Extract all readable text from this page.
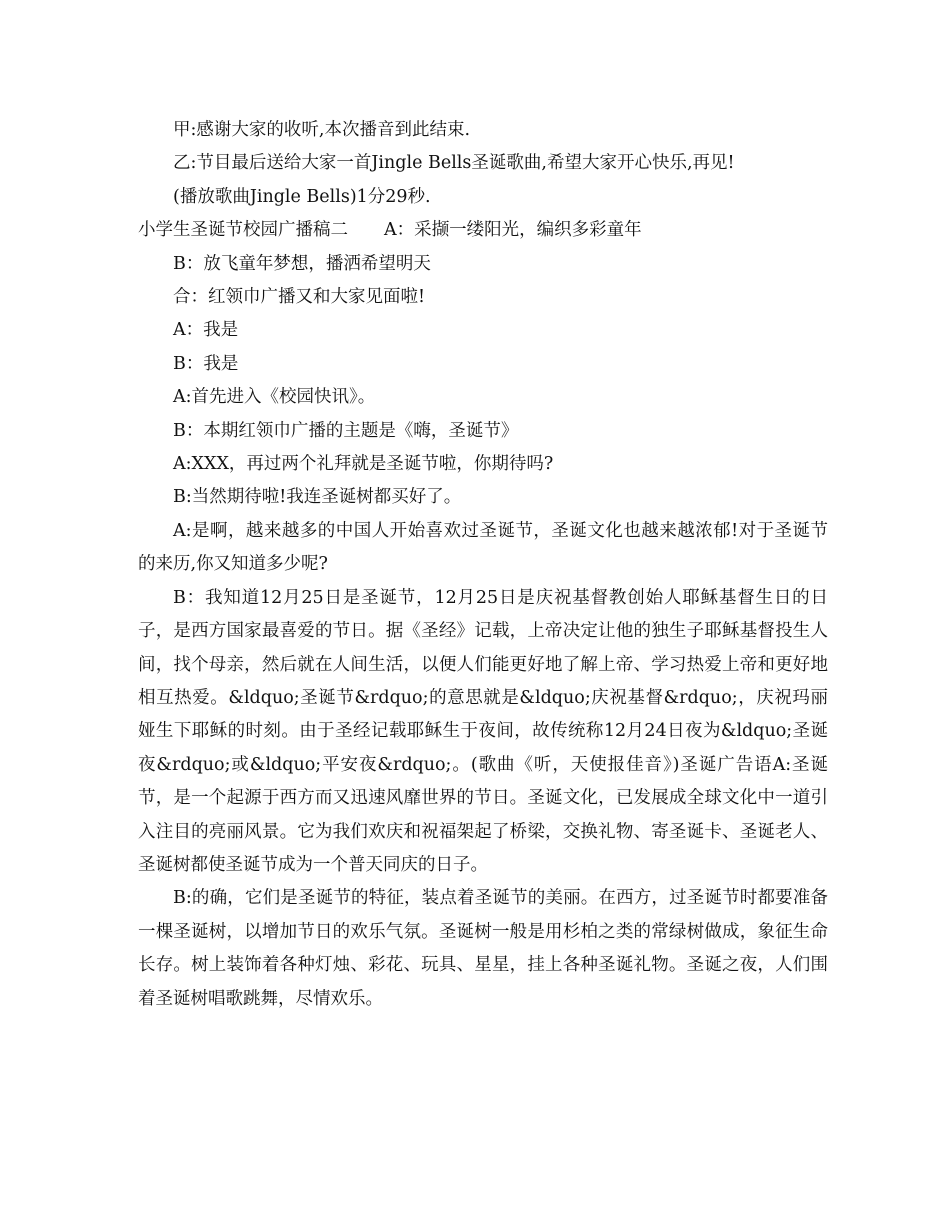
甲:感谢大家的收听,本次播音到此结束.

乙:节目最后送给大家一首Jingle Bells圣诞歌曲,希望大家开心快乐,再见!

(播放歌曲Jingle Bells)1分29秒.

小学生圣诞节校园广播稿二 A：采撷一缕阳光，编织多彩童年

B：放飞童年梦想，播洒希望明天

合：红领巾广播又和大家见面啦!

A：我是

B：我是

A:首先进入《校园快讯》。

B：本期红领巾广播的主题是《嗨，圣诞节》

A:XXX，再过两个礼拜就是圣诞节啦，你期待吗?

B:当然期待啦!我连圣诞树都买好了。

A:是啊，越来越多的中国人开始喜欢过圣诞节，圣诞文化也越来越浓郁!对于圣诞节的来历,你又知道多少呢?

B：我知道12月25日是圣诞节，12月25日是庆祝基督教创始人耶稣基督生日的日子，是西方国家最喜爱的节日。据《圣经》记载，上帝决定让他的独生子耶稣基督投生人间，找个母亲，然后就在人间生活，以便人们能更好地了解上帝、学习热爱上帝和更好地相互热爱。&ldquo;圣诞节&rdquo;的意思就是&ldquo;庆祝基督&rdquo;，庆祝玛丽娅生下耶稣的时刻。由于圣经记载耶稣生于夜间，故传统称12月24日夜为&ldquo;圣诞夜&rdquo;或&ldquo;平安夜&rdquo;。(歌曲《听，天使报佳音》)圣诞广告语A:圣诞节，是一个起源于西方而又迅速风靡世界的节日。圣诞文化，已发展成全球文化中一道引入注目的亮丽风景。它为我们欢庆和祝福架起了桥梁，交换礼物、寄圣诞卡、圣诞老人、圣诞树都使圣诞节成为一个普天同庆的日子。

B:的确，它们是圣诞节的特征，装点着圣诞节的美丽。在西方，过圣诞节时都要准备一棵圣诞树，以增加节日的欢乐气氛。圣诞树一般是用杉柏之类的常绿树做成，象征生命长存。树上装饰着各种灯烛、彩花、玩具、星星，挂上各种圣诞礼物。圣诞之夜，人们围着圣诞树唱歌跳舞，尽情欢乐。
